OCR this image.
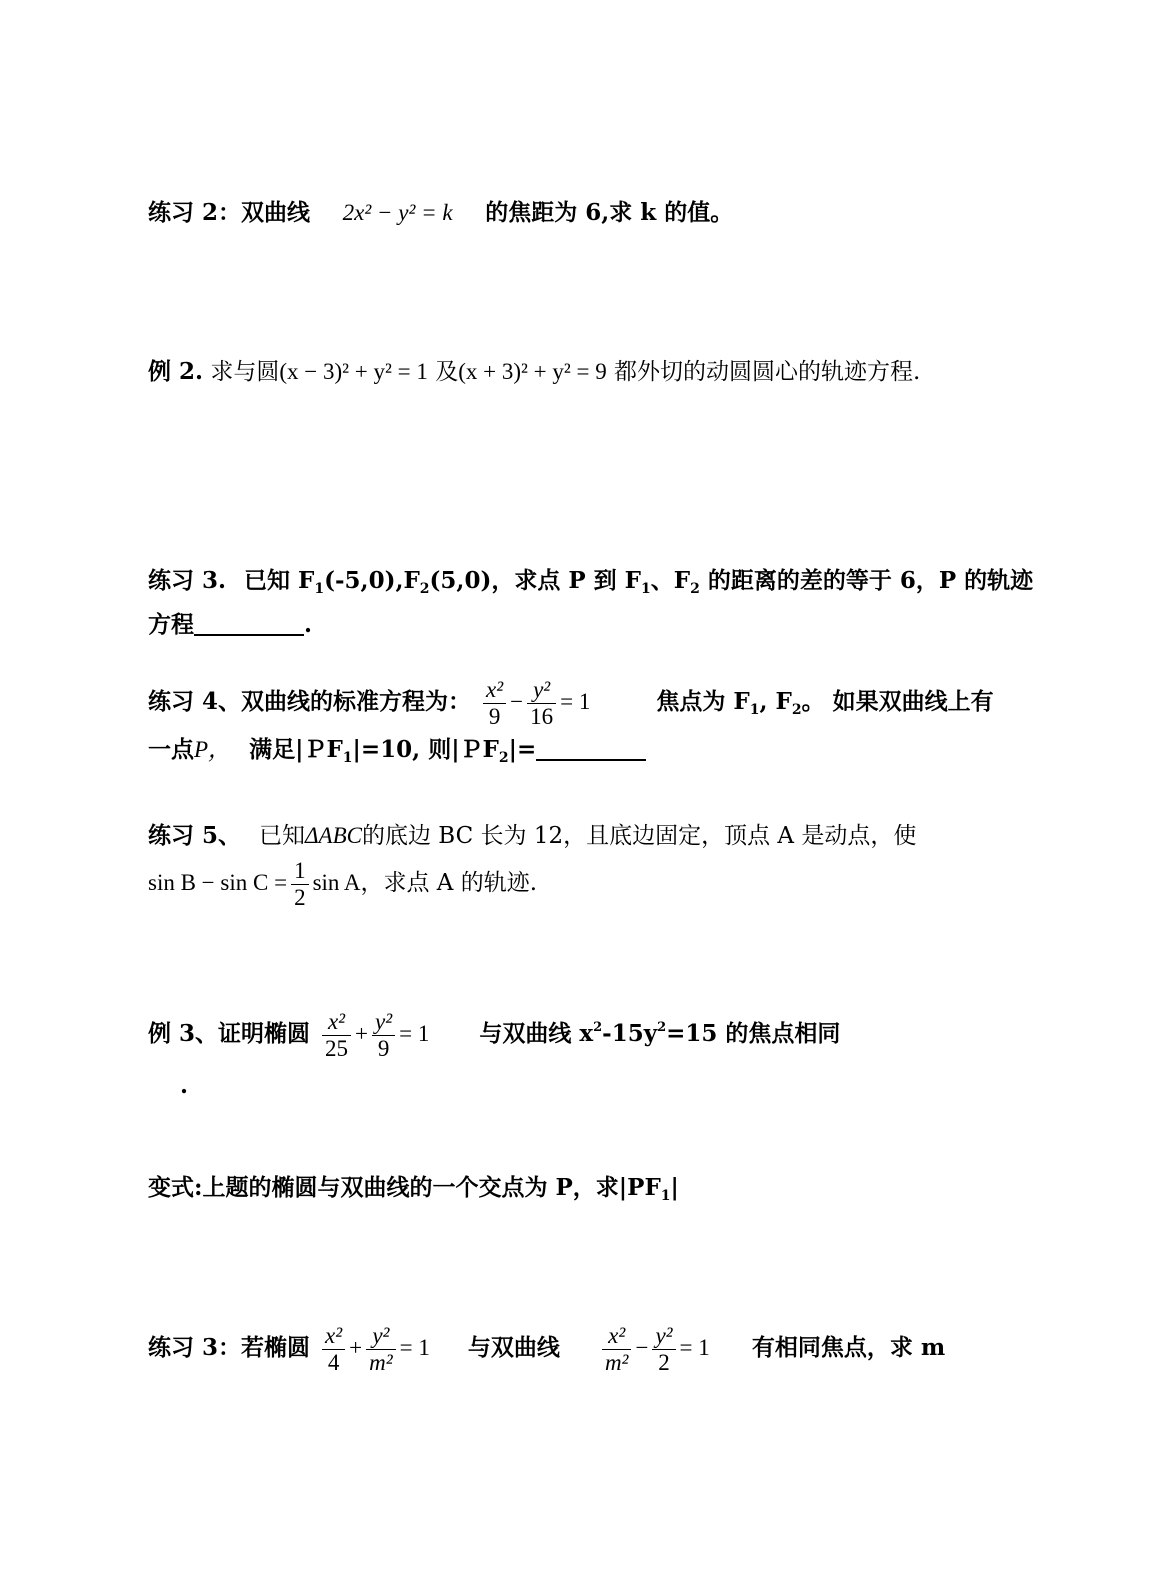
练习 2：双曲线 2x² − y² = k 的焦距为 6,求 k 的值。
例 2. 求与圆(x − 3)² + y² = 1 及(x + 3)² + y² = 9 都外切的动圆圆心的轨迹方程.
练习 3. 已知 $F_1(-5,0),F_2(5,0)$，求点 P 到 $F_1$、$F_2$ 的距离的差的等于 6，P 的轨迹
方程	.
练习 4、双曲线的标准方程为： $\frac{\text{x²}}{9} - \frac{\text{y²}}{16} = 1$	焦点为 $F_1$, $F_2$。 如果双曲线上有
一点P， 满足|ＰF$_1$|=10, 则|ＰF$_2$|=
练习 5、 已知ΔABC的底边 BC 长为 12，且底边固定，顶点 A 是动点，使
$\sin B - \sin C = \frac{1}{2}$ sin A，求点 A 的轨迹.
例 3、证明椭圆 $\frac{\text{x²}}{25} + \frac{\text{y²}}{9} = 1$ 与双曲线 $x^2-15y^2=15$ 的焦点相同
.
变式:上题的椭圆与双曲线的一个交点为 P，求$|PF_1|$
练习 3：若椭圆 $\frac{\text{x²}}{4} + \frac{\text{y²}}{\text{m²}} = 1$ 与双曲线 $\frac{\text{x²}}{\text{m²}} - \frac{\text{y²}}{2} = 1$ 有相同焦点，求 m
